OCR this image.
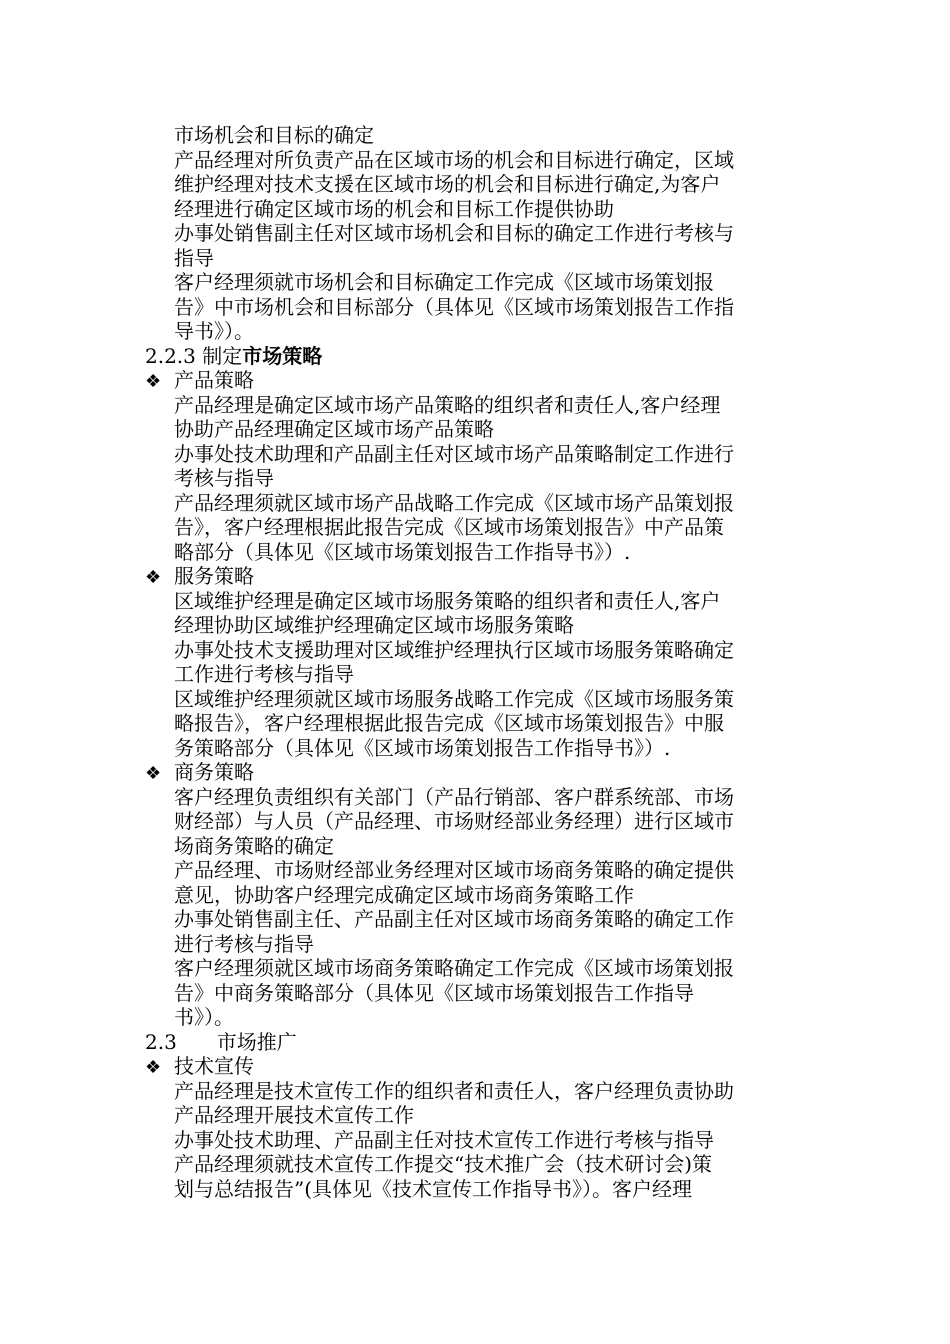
市场机会和目标的确定
产品经理对所负责产品在区域市场的机会和目标进行确定，区域
维护经理对技术支援在区域市场的机会和目标进行确定,为客户
经理进行确定区域市场的机会和目标工作提供协助
办事处销售副主任对区域市场机会和目标的确定工作进行考核与
指导
客户经理须就市场机会和目标确定工作完成《区域市场策划报
告》中市场机会和目标部分（具体见《区域市场策划报告工作指
导书》）。
2.2.3 制定市场策略
❖ 产品策略
产品经理是确定区域市场产品策略的组织者和责任人,客户经理
协助产品经理确定区域市场产品策略
办事处技术助理和产品副主任对区域市场产品策略制定工作进行
考核与指导
产品经理须就区域市场产品战略工作完成《区域市场产品策划报
告》，客户经理根据此报告完成《区域市场策划报告》中产品策
略部分（具体见《区域市场策划报告工作指导书》）.
❖ 服务策略
区域维护经理是确定区域市场服务策略的组织者和责任人,客户
经理协助区域维护经理确定区域市场服务策略
办事处技术支援助理对区域维护经理执行区域市场服务策略确定
工作进行考核与指导
区域维护经理须就区域市场服务战略工作完成《区域市场服务策
略报告》，客户经理根据此报告完成《区域市场策划报告》中服
务策略部分（具体见《区域市场策划报告工作指导书》）.
❖ 商务策略
客户经理负责组织有关部门（产品行销部、客户群系统部、市场
财经部）与人员（产品经理、市场财经部业务经理）进行区域市
场商务策略的确定
产品经理、市场财经部业务经理对区域市场商务策略的确定提供
意见，协助客户经理完成确定区域市场商务策略工作
办事处销售副主任、产品副主任对区域市场商务策略的确定工作
进行考核与指导
客户经理须就区域市场商务策略确定工作完成《区域市场策划报
告》中商务策略部分（具体见《区域市场策划报告工作指导
书》）。
2.3　　市场推广
❖ 技术宣传
产品经理是技术宣传工作的组织者和责任人，客户经理负责协助
产品经理开展技术宣传工作
办事处技术助理、产品副主任对技术宣传工作进行考核与指导
产品经理须就技术宣传工作提交“技术推广会（技术研讨会)策
划与总结报告”(具体见《技术宣传工作指导书》）。客户经理
